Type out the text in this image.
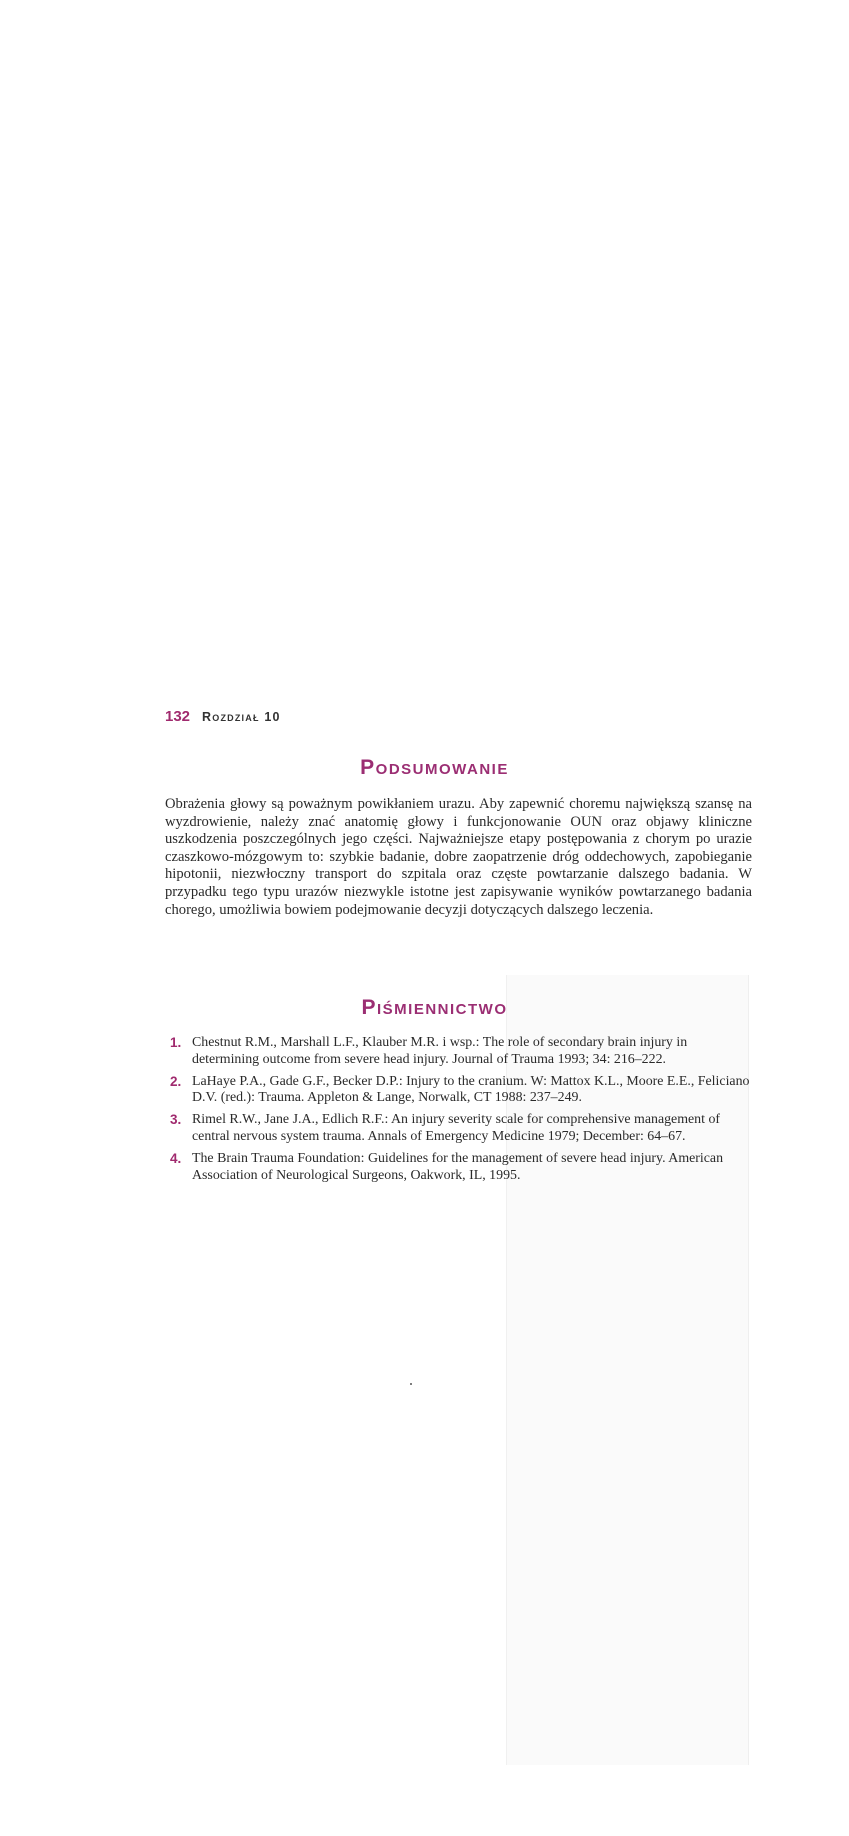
132 Rozdział 10
Podsumowanie

Obrażenia głowy są poważnym powikłaniem urazu. Aby zapewnić choremu największą szansę na wyzdrowienie, należy znać anatomię głowy i funkcjonowanie OUN oraz objawy kliniczne uszkodzenia poszczególnych jego części. Najważniejsze etapy postępowania z chorym po urazie czaszkowo-mózgowym to: szybkie badanie, dobre zaopatrzenie dróg oddechowych, zapobieganie hipotonii, niezwłoczny transport do szpitala oraz częste powtarzanie dalszego badania. W przypadku tego typu urazów niezwykle istotne jest zapisywanie wyników powtarzanego badania chorego, umożliwia bowiem podejmowanie decyzji dotyczących dalszego leczenia.

Piśmiennictwo
1. Chestnut R.M., Marshall L.F., Klauber M.R. i wsp.: The role of secondary brain injury in determining outcome from severe head injury. Journal of Trauma 1993; 34: 216–222.
2. LaHaye P.A., Gade G.F., Becker D.P.: Injury to the cranium. W: Mattox K.L., Moore E.E., Feliciano D.V. (red.): Trauma. Appleton & Lange, Norwalk, CT 1988: 237–249.
3. Rimel R.W., Jane J.A., Edlich R.F.: An injury severity scale for comprehensive management of central nervous system trauma. Annals of Emergency Medicine 1979; December: 64–67.
4. The Brain Trauma Foundation: Guidelines for the management of severe head injury. American Association of Neurological Surgeons, Oakwork, IL, 1995.
